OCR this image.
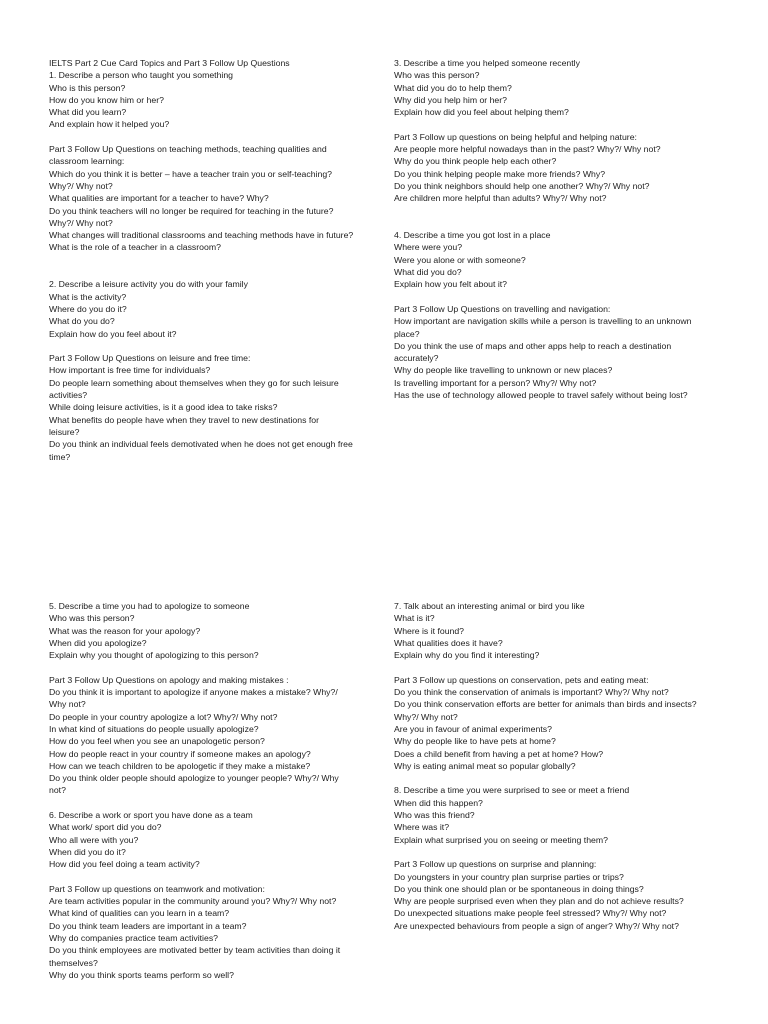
IELTS Part 2 Cue Card Topics and Part 3 Follow Up Questions
1. Describe a person who taught you something
Who is this person?
How do you know him or her?
What did you learn?
And explain how it helped you?
Part 3 Follow Up Questions on teaching methods, teaching qualities and
classroom learning:
Which do you think it is better – have a teacher train you or self-teaching?
Why?/ Why not?
What qualities are important for a teacher to have? Why?
Do you think teachers will no longer be required for teaching in the future?
Why?/ Why not?
What changes will traditional classrooms and teaching methods have in future?
What is the role of a teacher in a classroom?
2. Describe a leisure activity you do with your family
What is the activity?
Where do you do it?
What do you do?
Explain how do you feel about it?
Part 3 Follow Up Questions on leisure and free time:
How important is free time for individuals?
Do people learn something about themselves when they go for such leisure
activities?
While doing leisure activities, is it a good idea to take risks?
What benefits do people have when they travel to new destinations for
leisure?
Do you think an individual feels demotivated when he does not get enough free
time?
3. Describe a time you helped someone recently
Who was this person?
What did you do to help them?
Why did you help him or her?
Explain how did you feel about helping them?
Part 3 Follow up questions on being helpful and helping nature:
Are people more helpful nowadays than in the past? Why?/ Why not?
Why do you think people help each other?
Do you think helping people make more friends? Why?
Do you think neighbors should help one another? Why?/ Why not?
Are children more helpful than adults? Why?/ Why not?
4. Describe a time you got lost in a place
Where were you?
Were you alone or with someone?
What did you do?
Explain how you felt about it?
Part 3 Follow Up Questions on travelling and navigation:
How important are navigation skills while a person is travelling to an unknown
place?
Do you think the use of maps and other apps help to reach a destination
accurately?
Why do people like travelling to unknown or new places?
Is travelling important for a person? Why?/ Why not?
Has the use of technology allowed people to travel safely without being lost?
5. Describe a time you had to apologize to someone
Who was this person?
What was the reason for your apology?
When did you apologize?
Explain why you thought of apologizing to this person?
Part 3 Follow Up Questions on apology and making mistakes :
Do you think it is important to apologize if anyone makes a mistake? Why?/
Why not?
Do people in your country apologize a lot? Why?/ Why not?
In what kind of situations do people usually apologize?
How do you feel when you see an unapologetic person?
How do people react in your country if someone makes an apology?
How can we teach children to be apologetic if they make a mistake?
Do you think older people should apologize to younger people? Why?/ Why
not?
6. Describe a work or sport you have done as a team
What work/ sport did you do?
Who all were with you?
When did you do it?
How did you feel doing a team activity?
Part 3 Follow up questions on teamwork and motivation:
Are team activities popular in the community around you? Why?/ Why not?
What kind of qualities can you learn in a team?
Do you think team leaders are important in a team?
Why do companies practice team activities?
Do you think employees are motivated better by team activities than doing it
themselves?
Why do you think sports teams perform so well?
7. Talk about an interesting animal or bird you like
What is it?
Where is it found?
What qualities does it have?
Explain why do you find it interesting?
Part 3 Follow up questions on conservation, pets and eating meat:
Do you think the conservation of animals is important? Why?/ Why not?
Do you think conservation efforts are better for animals than birds and insects?
Why?/ Why not?
Are you in favour of animal experiments?
Why do people like to have pets at home?
Does a child benefit from having a pet at home? How?
Why is eating animal meat so popular globally?
8. Describe a time you were surprised to see or meet a friend
When did this happen?
Who was this friend?
Where was it?
Explain what surprised you on seeing or meeting them?
Part 3 Follow up questions on surprise and planning:
Do youngsters in your country plan surprise parties or trips?
Do you think one should plan or be spontaneous in doing things?
Why are people surprised even when they plan and do not achieve results?
Do unexpected situations make people feel stressed? Why?/ Why not?
Are unexpected behaviours from people a sign of anger? Why?/ Why not?
